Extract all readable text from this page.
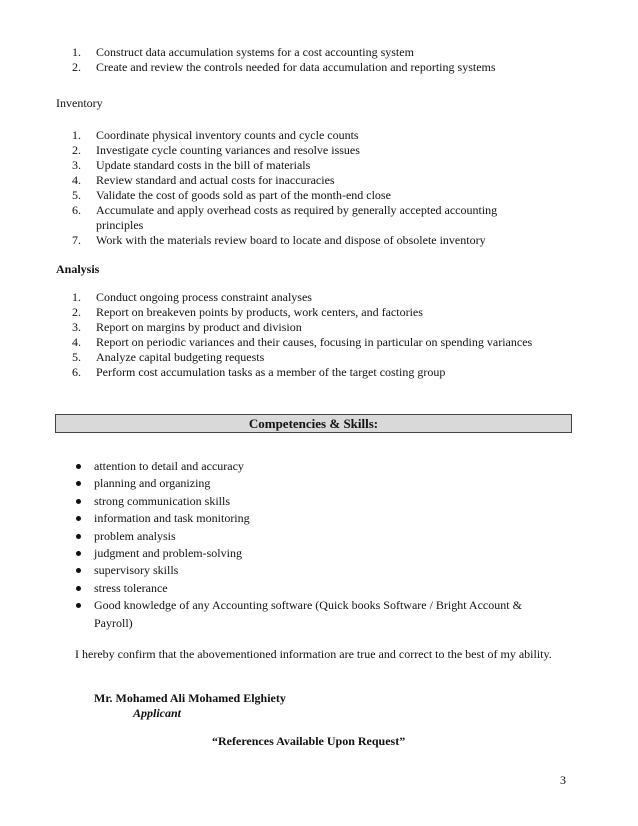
1. Construct data accumulation systems for a cost accounting system
2. Create and review the controls needed for data accumulation and reporting systems
Inventory
1. Coordinate physical inventory counts and cycle counts
2. Investigate cycle counting variances and resolve issues
3. Update standard costs in the bill of materials
4. Review standard and actual costs for inaccuracies
5. Validate the cost of goods sold as part of the month-end close
6. Accumulate and apply overhead costs as required by generally accepted accounting principles
7. Work with the materials review board to locate and dispose of obsolete inventory
Analysis
1. Conduct ongoing process constraint analyses
2. Report on breakeven points by products, work centers, and factories
3. Report on margins by product and division
4. Report on periodic variances and their causes, focusing in particular on spending variances
5. Analyze capital budgeting requests
6. Perform cost accumulation tasks as a member of the target costing group
Competencies & Skills:
attention to detail and accuracy
planning and organizing
strong communication skills
information and task monitoring
problem analysis
judgment and problem-solving
supervisory skills
stress tolerance
Good knowledge of any Accounting software (Quick books Software / Bright Account &
Payroll)
I hereby confirm that the abovementioned information are true and correct to the best of my ability.
Mr. Mohamed Ali Mohamed Elghiety
Applicant
“References Available Upon Request”
3
